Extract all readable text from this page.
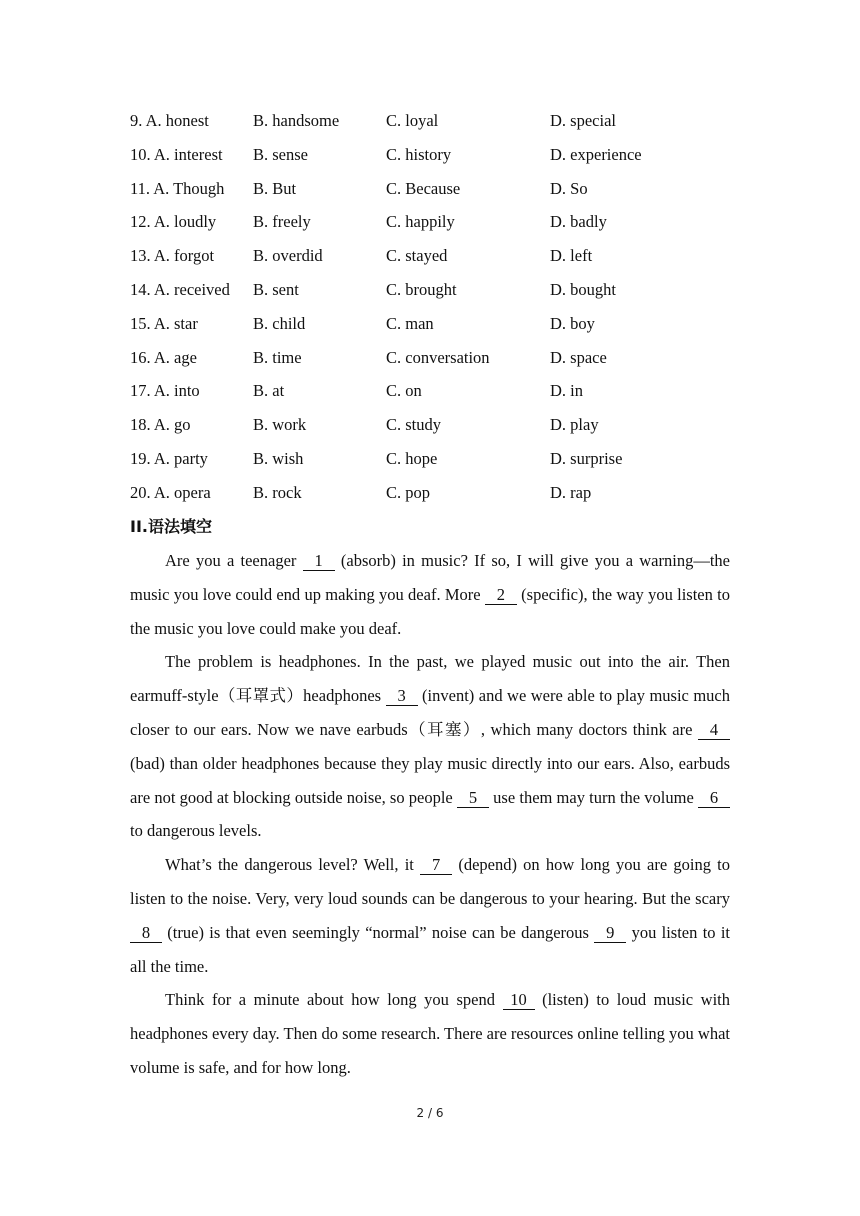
9. A. honest	B. handsome	C. loyal	D. special
10. A. interest B. sense	C. history	D. experience
11. A. Though B. But	C. Because	D. So
12. A. loudly B. freely	C. happily	D. badly
13. A. forgot B. overdid	C. stayed	D. left
14. A. received B. sent	C. brought	D. bought
15. A. star	B. child	C. man	D. boy
16. A. age	B. time	C. conversation	D. space
17. A. into	B. at	C. on	D. in
18. A. go	B. work	C. study	D. play
19. A. party	B. wish	C. hope	D. surprise
20. A. opera	B. rock	C. pop	D. rap
II.语法填空

Are you a teenager 1 (absorb) in music? If so, I will give you a warning—the music you love could end up making you deaf. More 2 (specific), the way you listen to the music you love could make you deaf.

The problem is headphones. In the past, we played music out into the air. Then earmuff-style（耳罩式）headphones 3 (invent) and we were able to play music much closer to our ears. Now we nave earbuds（耳塞）, which many doctors think are 4 (bad) than older headphones because they play music directly into our ears. Also, earbuds are not good at blocking outside noise, so people 5 use them may turn the volume 6 to dangerous levels.

What’s the dangerous level? Well, it 7 (depend) on how long you are going to listen to the noise. Very, very loud sounds can be dangerous to your hearing. But the scary 8 (true) is that even seemingly “normal” noise can be dangerous 9 you listen to it all the time.

Think for a minute about how long you spend 10 (listen) to loud music with headphones every day. Then do some research. There are resources online telling you what volume is safe, and for how long.

2 / 6
